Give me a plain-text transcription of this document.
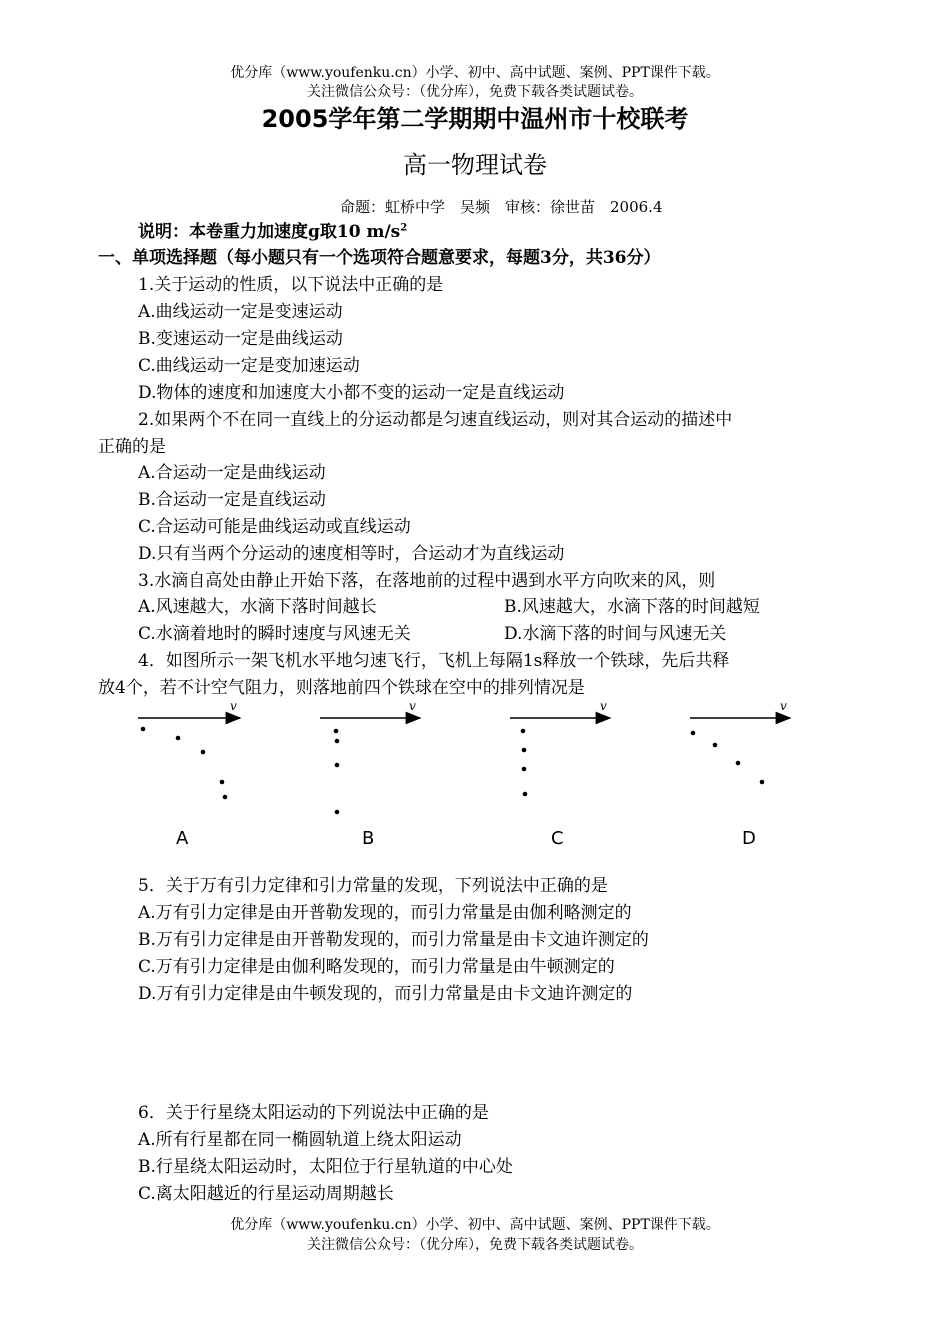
优分库（www.youfenku.cn）小学、初中、高中试题、案例、PPT课件下载。
关注微信公众号：（优分库），免费下载各类试题试卷。
2005学年第二学期期中温州市十校联考
高一物理试卷
命题：虹桥中学　吴频　审核：徐世苗　2006.4
说明：本卷重力加速度g取10 $m/s^2$
一、单项选择题（每小题只有一个选项符合题意要求，每题3分，共36分）
1.关于运动的性质，以下说法中正确的是
A.曲线运动一定是变速运动
B.变速运动一定是曲线运动
C.曲线运动一定是变加速运动
D.物体的速度和加速度大小都不变的运动一定是直线运动
2.如果两个不在同一直线上的分运动都是匀速直线运动，则对其合运动的描述中
正确的是
A.合运动一定是曲线运动
B.合运动一定是直线运动
C.合运动可能是曲线运动或直线运动
D.只有当两个分运动的速度相等时，合运动才为直线运动
3.水滴自高处由静止开始下落，在落地前的过程中遇到水平方向吹来的风，则
A.风速越大，水滴下落时间越长	B.风速越大，水滴下落的时间越短
C.水滴着地时的瞬时速度与风速无关	D.水滴下落的时间与风速无关
4．如图所示一架飞机水平地匀速飞行，飞机上每隔1s释放一个铁球，先后共释
放4个，若不计空气阻力，则落地前四个铁球在空中的排列情况是
v
A
v
B
v
C
v
D
5．关于万有引力定律和引力常量的发现，下列说法中正确的是
A.万有引力定律是由开普勒发现的，而引力常量是由伽利略测定的
B.万有引力定律是由开普勒发现的，而引力常量是由卡文迪许测定的
C.万有引力定律是由伽利略发现的，而引力常量是由牛顿测定的
D.万有引力定律是由牛顿发现的，而引力常量是由卡文迪许测定的
6．关于行星绕太阳运动的下列说法中正确的是
A.所有行星都在同一椭圆轨道上绕太阳运动
B.行星绕太阳运动时，太阳位于行星轨道的中心处
C.离太阳越近的行星运动周期越长
优分库（www.youfenku.cn）小学、初中、高中试题、案例、PPT课件下载。
关注微信公众号：（优分库），免费下载各类试题试卷。
